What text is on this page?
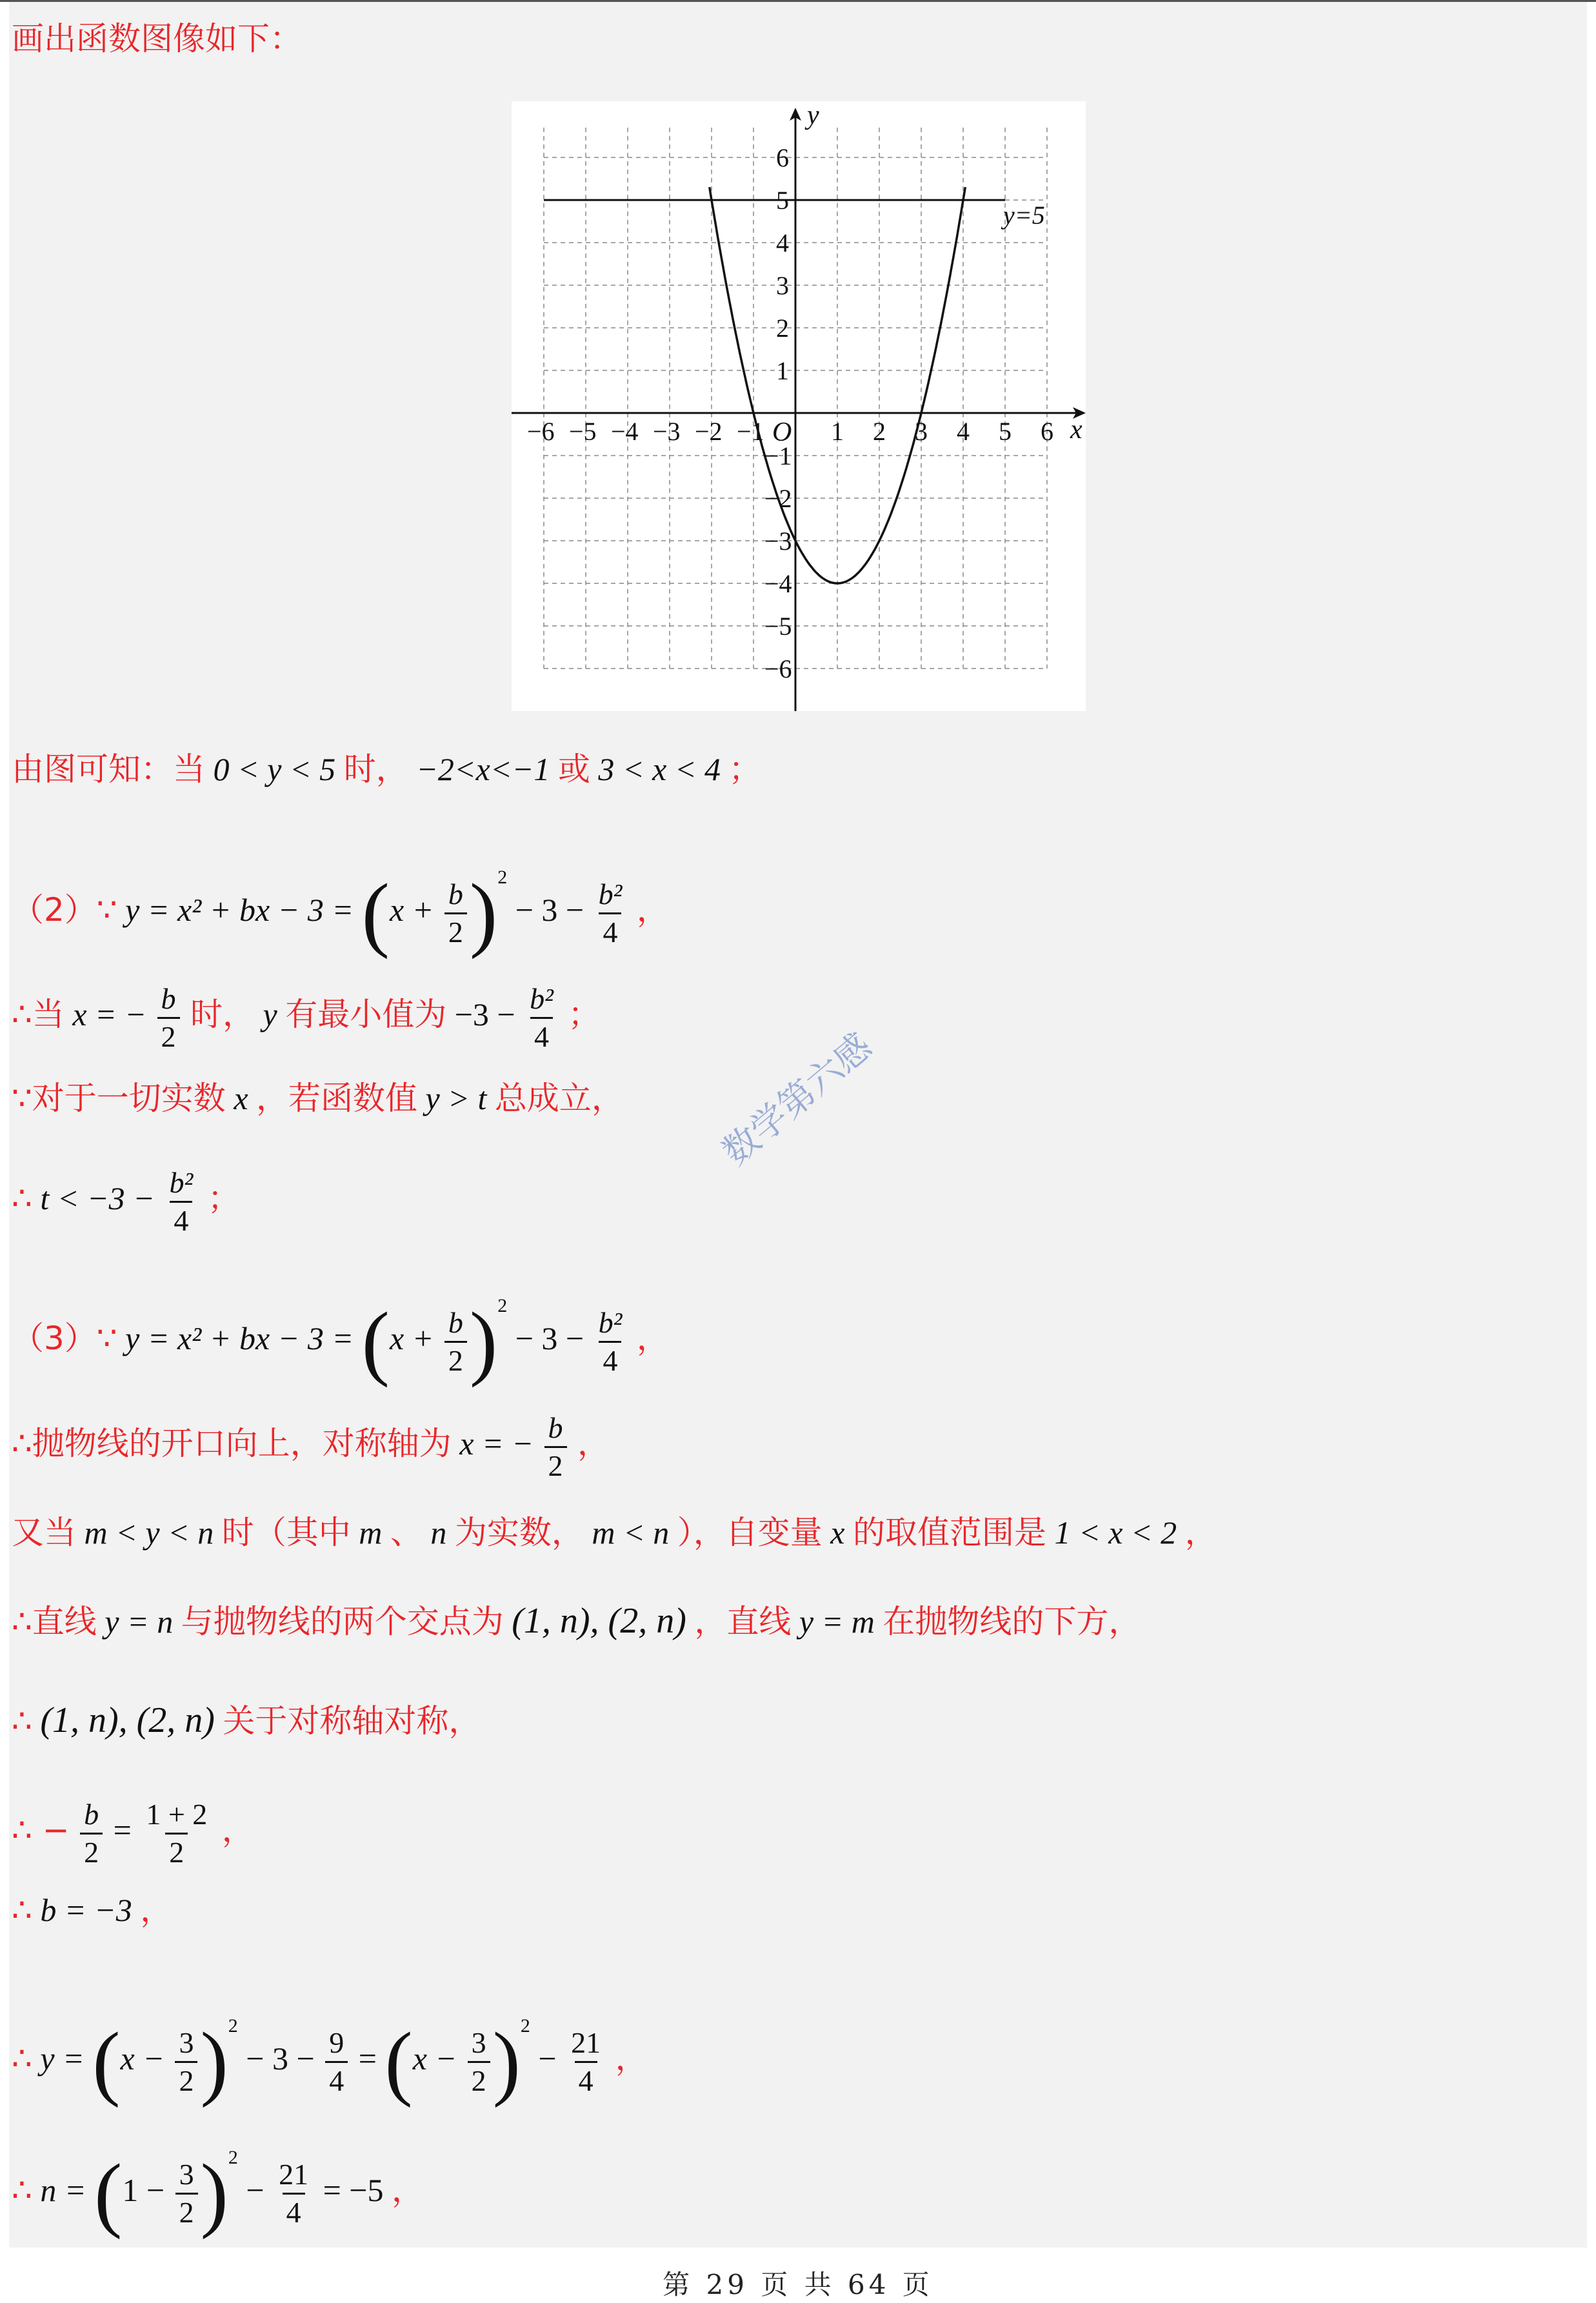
画出函数图像如下：
−6 −5 −4 −3 −2 −1	1 2 3 4 5 6
6
5
4
3
2
1
−1
−2
−3
−4
−5
−6
x
y
O
y=5
由图可知：当 0 < y < 5 时， −2<x<−1 或 3 < x < 4 ；
（2）∵ y = x² + bx − $3 = (x + \frac{b}{2} )^2 - 3 - \frac{\text{b²}}{4}$ ，
∴当 x = − $\frac{b}{2}$ 时， y 有最小值为 $-3 - \frac{\text{b²}}{4}$ ；
∵对于一切实数 x ，若函数值 y > t 总成立，
∴ $t < -3 - \frac{\text{b²}}{4}$ ；
（3）∵ y = x² + bx − $3 = (x + \frac{b}{2} )^2 - 3 - \frac{\text{b²}}{4}$ ，
∴抛物线的开口向上，对称轴为 x = − $\frac{b}{2}$ ，
又当 m < y < n 时（其中 m 、 n 为实数， m < n ），自变量 x 的取值范围是 1 < x < 2 ，
∴直线 y = n 与抛物线的两个交点为 (1, n), (2, n) ，直线 y = m 在抛物线的下方，
∴ (1, n), (2, n) 关于对称轴对称，
∴ − $\frac{b}{2} = \frac{1 + 2}{2}$ ，
∴ b = −3 ，
∴ $y = (x - \frac{3}{2} )^2 - 3 - \frac{9}{4} = (x - \frac{3}{2} )^2 - \frac{21}{4}$ ，
∴ $n = (1 - \frac{3}{2} )^2 - \frac{21}{4} = -5$ ，
数学第六感
第 29 页 共 64 页
